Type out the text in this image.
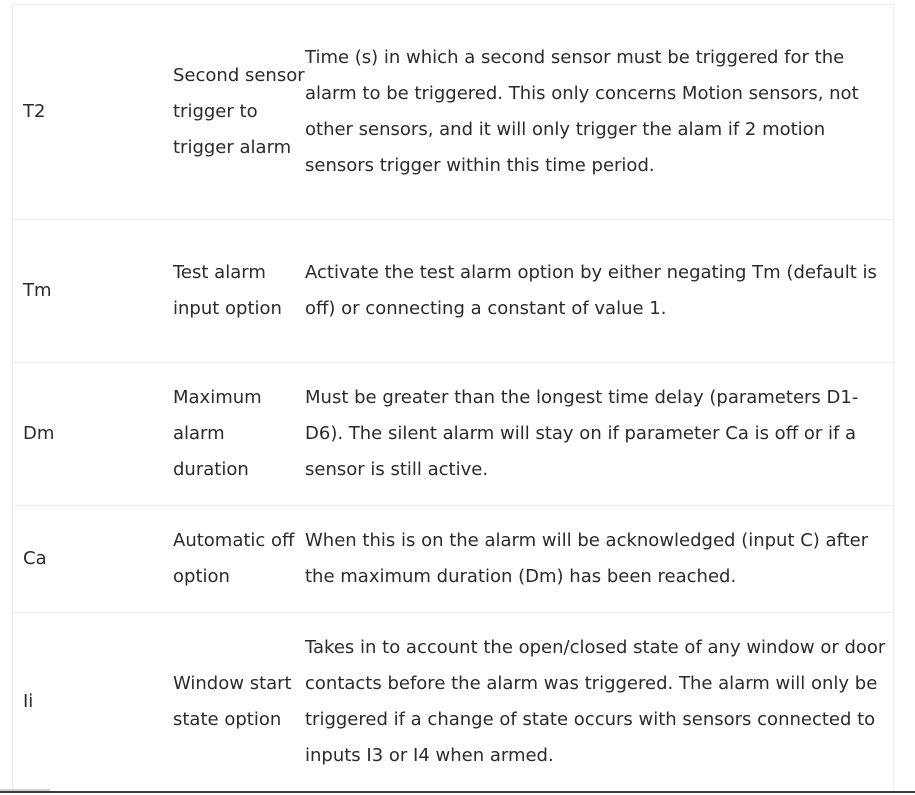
T2
Second sensor trigger to trigger alarm
Time (s) in which a second sensor must be triggered for the alarm to be triggered. This only concerns Motion sensors, not other sensors, and it will only trigger the alam if 2 motion sensors trigger within this time period.
Tm
Test alarm input option
Activate the test alarm option by either negating Tm (default is off) or connecting a constant of value 1.
Dm
Maximum alarm duration
Must be greater than the longest time delay (parameters D1-D6). The silent alarm will stay on if parameter Ca is off or if a sensor is still active.
Ca
Automatic off option
When this is on the alarm will be acknowledged (input C) after the maximum duration (Dm) has been reached.
Ii
Window start state option
Takes in to account the open/closed state of any window or door contacts before the alarm was triggered. The alarm will only be triggered if a change of state occurs with sensors connected to inputs I3 or I4 when armed.
